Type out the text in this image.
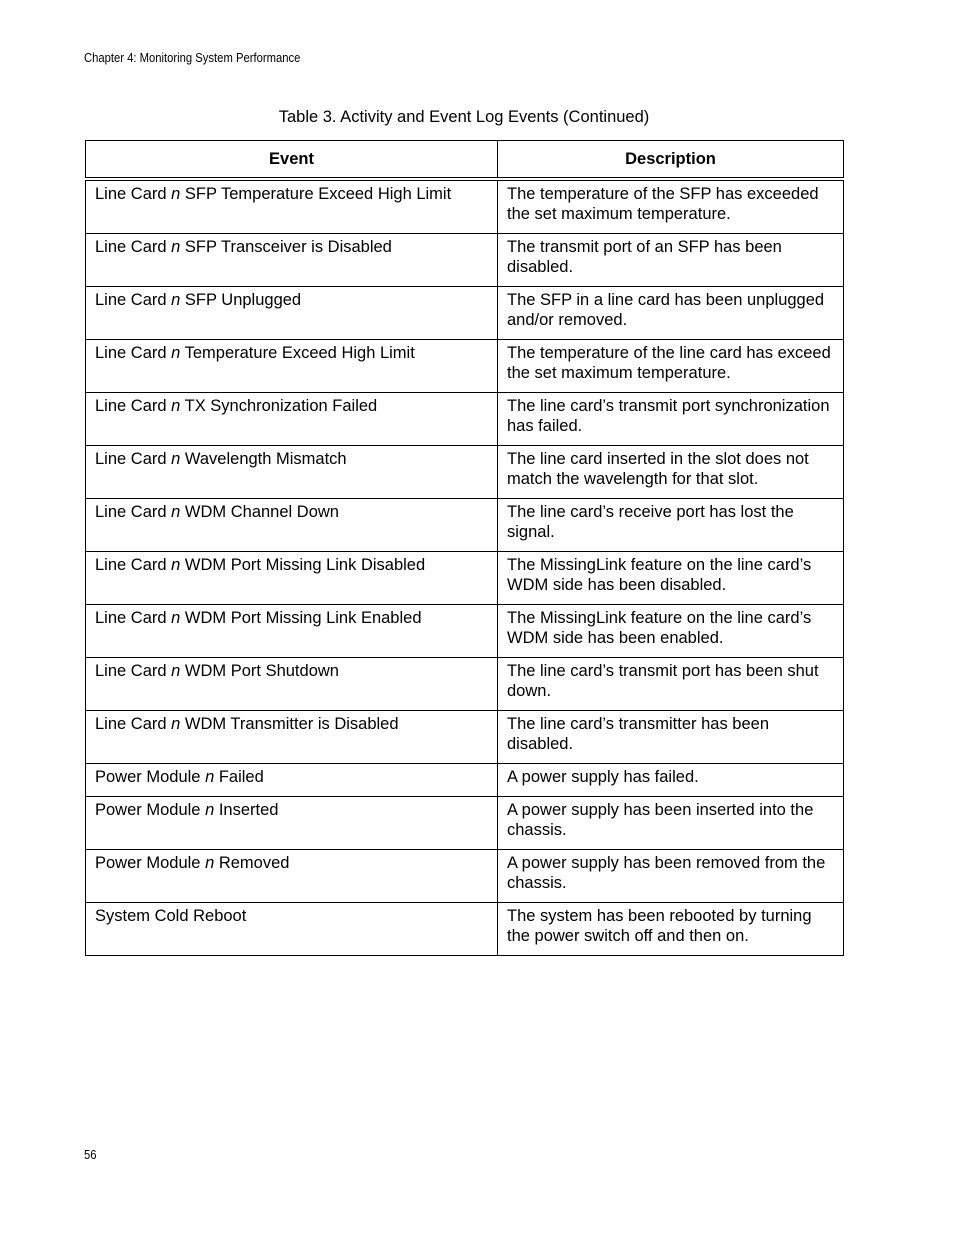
Chapter 4: Monitoring System Performance
Table 3. Activity and Event Log Events (Continued)
Event	Description
Line Card n SFP Temperature Exceed High Limit	The temperature of the SFP has exceeded the set maximum temperature.
Line Card n SFP Transceiver is Disabled	The transmit port of an SFP has been disabled.
Line Card n SFP Unplugged	The SFP in a line card has been unplugged and/or removed.
Line Card n Temperature Exceed High Limit	The temperature of the line card has exceed the set maximum temperature.
Line Card n TX Synchronization Failed	The line card’s transmit port synchronization has failed.
Line Card n Wavelength Mismatch	The line card inserted in the slot does not match the wavelength for that slot.
Line Card n WDM Channel Down	The line card’s receive port has lost the signal.
Line Card n WDM Port Missing Link Disabled	The MissingLink feature on the line card’s WDM side has been disabled.
Line Card n WDM Port Missing Link Enabled	The MissingLink feature on the line card’s WDM side has been enabled.
Line Card n WDM Port Shutdown	The line card’s transmit port has been shut down.
Line Card n WDM Transmitter is Disabled	The line card’s transmitter has been disabled.
Power Module n Failed	A power supply has failed.
Power Module n Inserted	A power supply has been inserted into the chassis.
Power Module n Removed	A power supply has been removed from the chassis.
System Cold Reboot	The system has been rebooted by turning the power switch off and then on.
56
